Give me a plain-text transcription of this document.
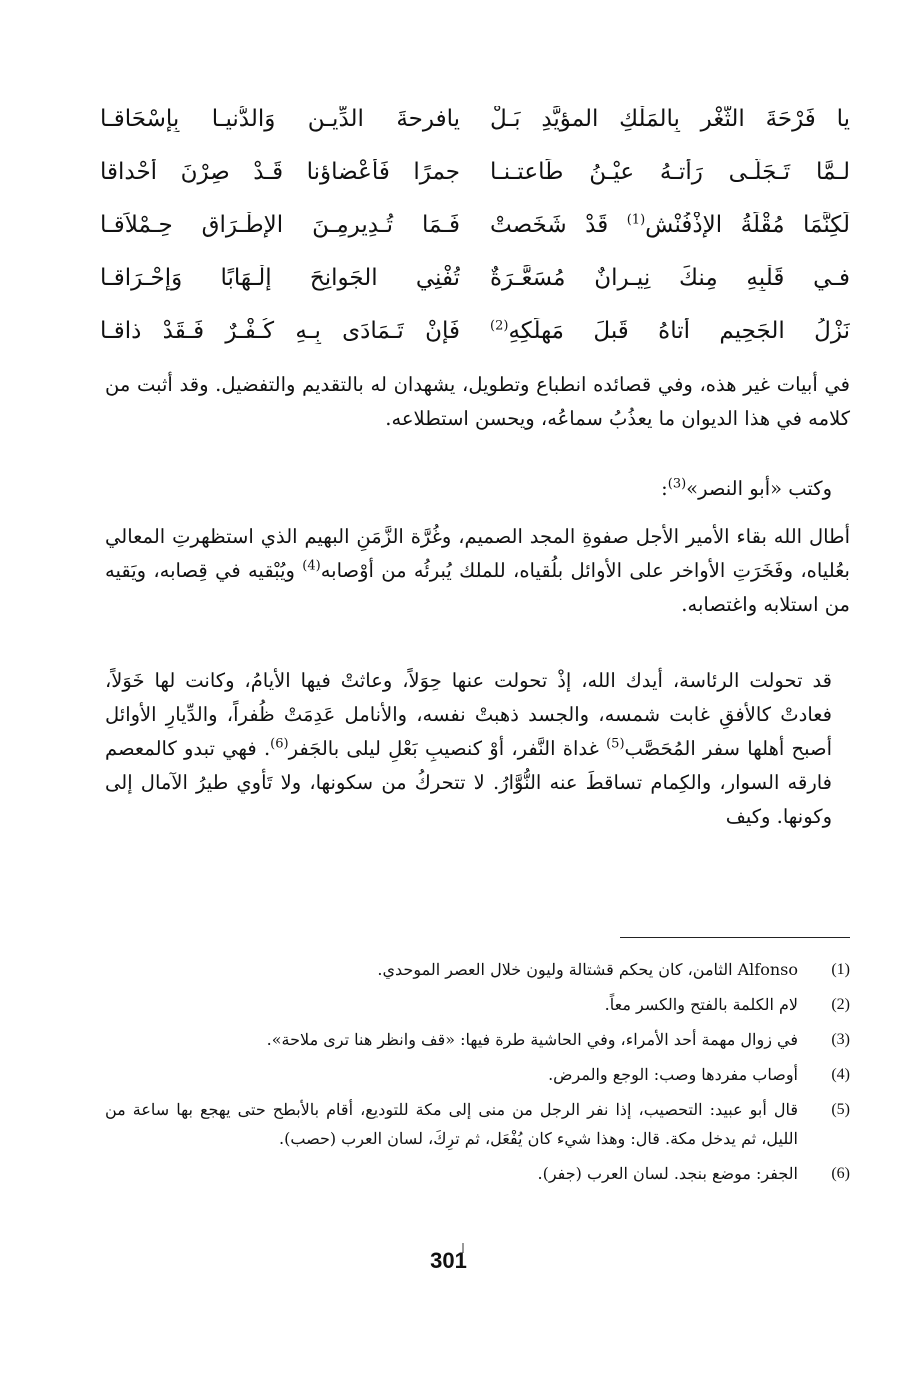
يا فَرْحَةَ الثَّغْرِ بِالمَلْكِ المؤيَّدِ بَـلْ
يافرحةَ الدِّيـنِ وَالدُّنيـا بِإسْحَاقـا
لـمَّا تَـجَلَّـى رَأتـهُ عيْـنُ طَاعتـنـا
جمرًا فَأعْضاؤنا قَـدْ صِرْنَ أَحْداقا
لَكِنَّمَا مُقْلَةُ الإذْفُنْش$^{(1)}$ قَدْ شَخَصتْ
فَـمَا تُـدِيرمِـنَ الإطْـرَاقِ حِـمْلاَقـا
فـي قَلْبِهِ مِنكَ نِيـرانٌ مُسَعَّـرَةٌ
تُفْنِي الجَوانِحَ إلْـهَابًا وَإحْـرَاقـا
نَزْلُ الجَحِيمِ أَتاهُ قَبلَ مَهلَكِهِ$^{(2)}$
فَإنْ تَـمَادَى بِـهِ كُـفْـرٌ فَـقَدْ ذاقـا

في أبيات غير هذه، وفي قصائده انطباع وتطويل، يشهدان له بالتقديم والتفضيل. وقد أثبت من كلامه في هذا الديوان ما يعذُبُ سماعُه، ويحسن استطلاعه.

وكتب «أبو النصر»$^{(3)}$:

أطال الله بقاء الأمير الأجل صفوةِ المجد الصميم، وغُرَّة الزَّمَنِ البهيم الذي استظهرتِ المعالي بعُلياه، وفَخَرَتِ الأواخر على الأوائل بلُقياه، للملك يُبرئُه من أوْصابه$^{(4)}$ ويُبْقيه في قِصابه، ويَقيه من استلابه واغتصابه.

قد تحولت الرئاسة، أيدك الله، إذْ تحولت عنها حِوَلاً، وعاثتْ فيها الأيامُ، وكانت لها خَوَلاً، فعادتْ كالأفقِ غابت شمسه، والجسد ذهبتْ نفسه، والأنامل عَدِمَتْ ظُفراً، والدِّيارِ الأوائل أصبح أهلها سفر المُحَصَّب$^{(5)}$ غداة النَّفر، أوْ كنصيبِ بَعْلِ ليلى بالجَفر$^{(6)}$. فهي تبدو كالمعصم فارقه السوار، والكِمام تساقطَ عنه النُّوَّارُ. لا تتحركُ من سكونها، ولا تَأوي طيرُ الآمال إلى وكونها. وكيف

(1)
Alfonso الثامن، كان يحكم قشتالة وليون خلال العصر الموحدي.
(2)
لام الكلمة بالفتح والكسر معاً.
(3)
في زوال مهمة أحد الأمراء، وفي الحاشية طرة فيها: «قف وانظر هنا ترى ملاحة».
(4)
أوصاب مفردها وصب: الوجع والمرض.
(5)
قال أبو عبيد: التحصيب، إذا نفر الرجل من منى إلى مكة للتوديع، أقام بالأبطح حتى يهجع بها ساعة من الليل، ثم يدخل مكة. قال: وهذا شيء كان يُفْعَل، ثم ترِكَ، لسان العرب (حصب).
(6)
الجفر: موضع بنجد. لسان العرب (جفر).
301
